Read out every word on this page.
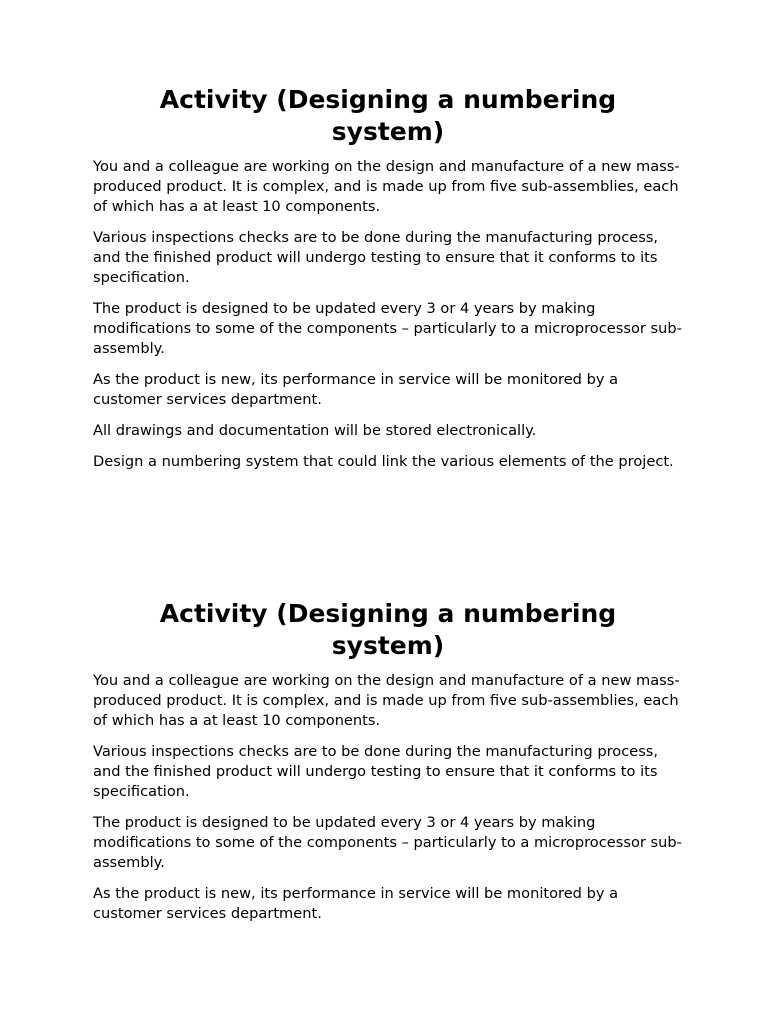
Activity (Designing a numbering system)

You and a colleague are working on the design and manufacture of a new mass-produced product. It is complex, and is made up from five sub-assemblies, each of which has a at least 10 components.

Various inspections checks are to be done during the manufacturing process, and the finished product will undergo testing to ensure that it conforms to its specification.

The product is designed to be updated every 3 or 4 years by making modifications to some of the components – particularly to a microprocessor sub-assembly.

As the product is new, its performance in service will be monitored by a customer services department.

All drawings and documentation will be stored electronically.

Design a numbering system that could link the various elements of the project.

Activity (Designing a numbering system)

You and a colleague are working on the design and manufacture of a new mass-produced product. It is complex, and is made up from five sub-assemblies, each of which has a at least 10 components.

Various inspections checks are to be done during the manufacturing process, and the finished product will undergo testing to ensure that it conforms to its specification.

The product is designed to be updated every 3 or 4 years by making modifications to some of the components – particularly to a microprocessor sub-assembly.

As the product is new, its performance in service will be monitored by a customer services department.
